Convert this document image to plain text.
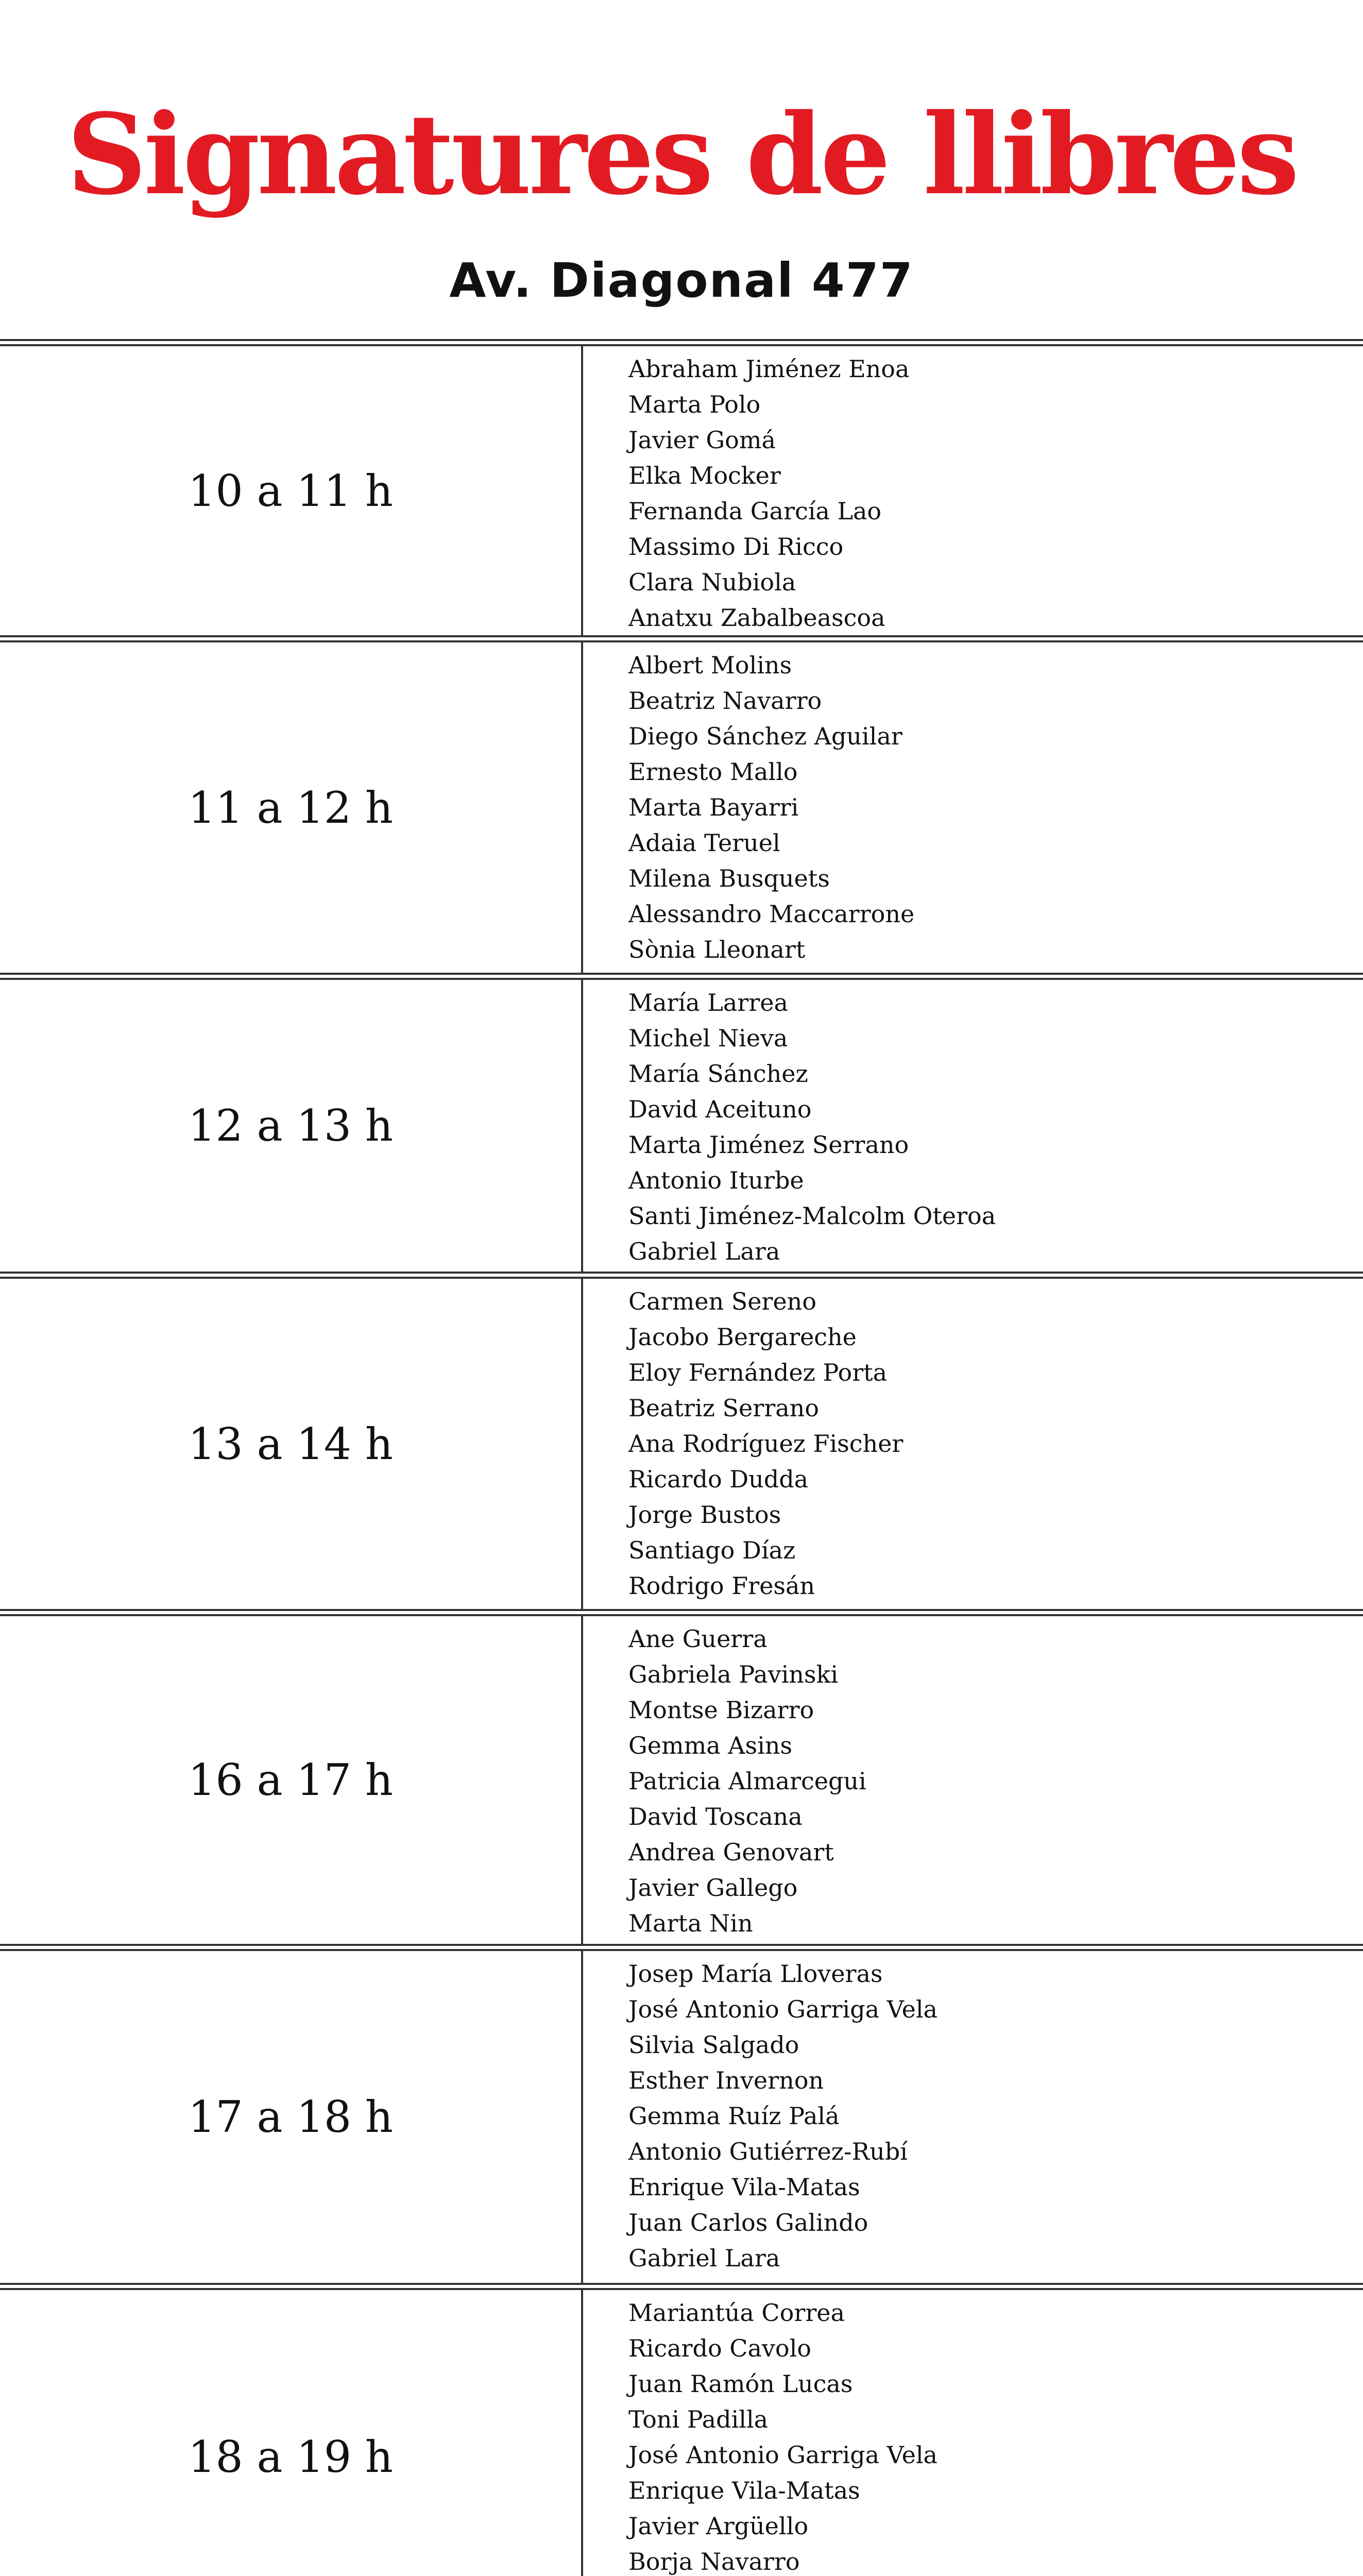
Signatures de llibres
Av. Diagonal 477
10 a 11 h
Abraham Jiménez Enoa
Marta Polo
Javier Gomá
Elka Mocker
Fernanda García Lao
Massimo Di Ricco
Clara Nubiola
Anatxu Zabalbeascoa
11 a 12 h
Albert Molins
Beatriz Navarro
Diego Sánchez Aguilar
Ernesto Mallo
Marta Bayarri
Adaia Teruel
Milena Busquets
Alessandro Maccarrone
Sònia Lleonart
12 a 13 h
María Larrea
Michel Nieva
María Sánchez
David Aceituno
Marta Jiménez Serrano
Antonio Iturbe
Santi Jiménez-Malcolm Oteroa
Gabriel Lara
13 a 14 h
Carmen Sereno
Jacobo Bergareche
Eloy Fernández Porta
Beatriz Serrano
Ana Rodríguez Fischer
Ricardo Dudda
Jorge Bustos
Santiago Díaz
Rodrigo Fresán
16 a 17 h
Ane Guerra
Gabriela Pavinski
Montse Bizarro
Gemma Asins
Patricia Almarcegui
David Toscana
Andrea Genovart
Javier Gallego
Marta Nin
17 a 18 h
Josep María Lloveras
José Antonio Garriga Vela
Silvia Salgado
Esther Invernon
Gemma Ruíz Palá
Antonio Gutiérrez-Rubí
Enrique Vila-Matas
Juan Carlos Galindo
Gabriel Lara
18 a 19 h
Mariantúa Correa
Ricardo Cavolo
Juan Ramón Lucas
Toni Padilla
José Antonio Garriga Vela
Enrique Vila-Matas
Javier Argüello
Borja Navarro
